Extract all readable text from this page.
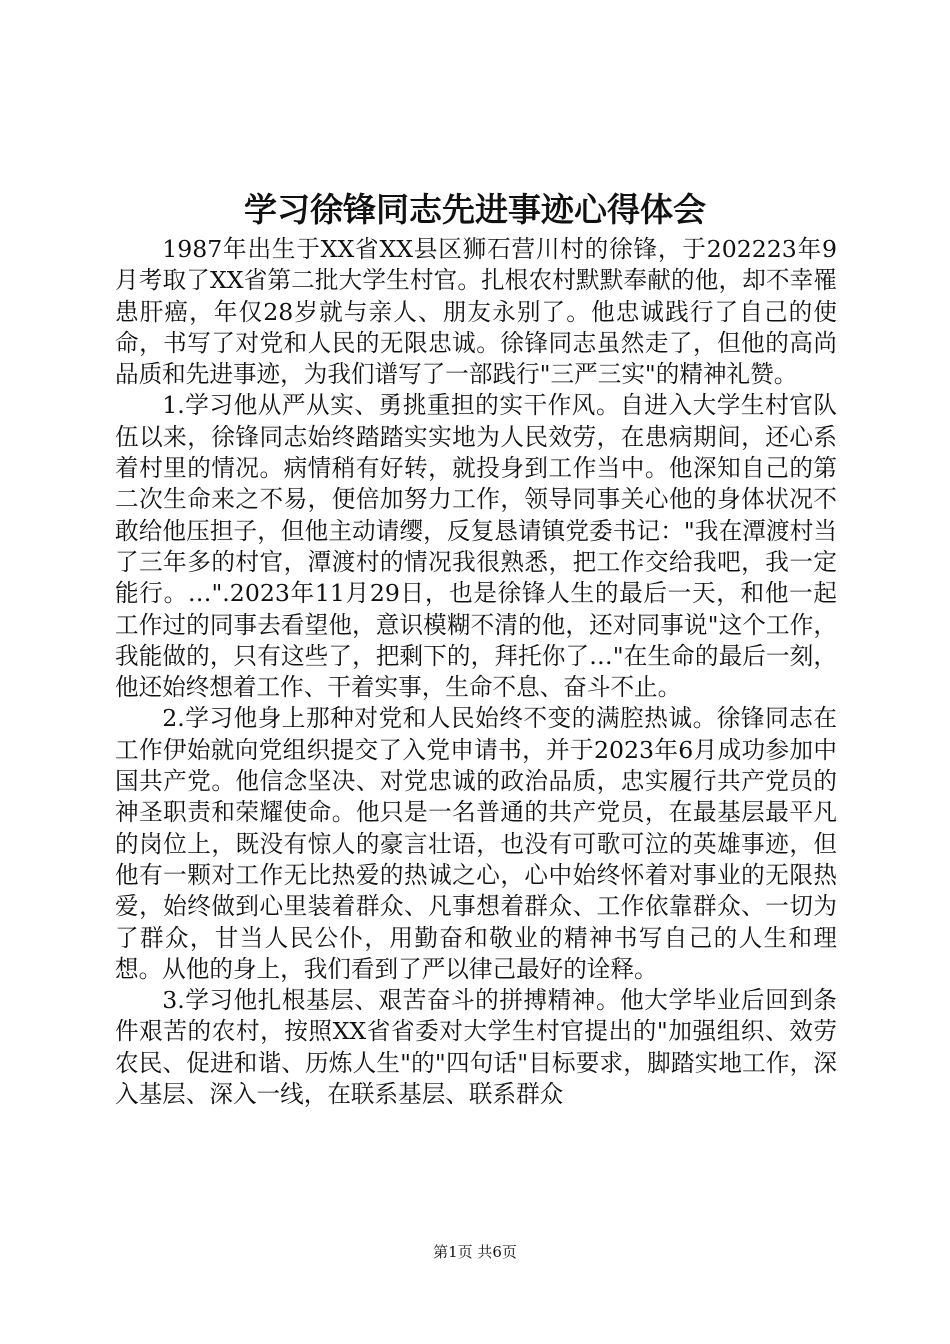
学习徐锋同志先进事迹心得体会

1987年出生于XX省XX县区狮石营川村的徐锋，于202223年9月考取了XX省第二批大学生村官。扎根农村默默奉献的他，却不幸罹患肝癌，年仅28岁就与亲人、朋友永别了。他忠诚践行了自己的使命，书写了对党和人民的无限忠诚。徐锋同志虽然走了，但他的高尚品质和先进事迹，为我们谱写了一部践行"三严三实"的精神礼赞。

1.学习他从严从实、勇挑重担的实干作风。自进入大学生村官队伍以来，徐锋同志始终踏踏实实地为人民效劳，在患病期间，还心系着村里的情况。病情稍有好转，就投身到工作当中。他深知自己的第二次生命来之不易，便倍加努力工作，领导同事关心他的身体状况不敢给他压担子，但他主动请缨，反复恳请镇党委书记："我在潭渡村当了三年多的村官，潭渡村的情况我很熟悉，把工作交给我吧，我一定能行。…".2023年11月29日，也是徐锋人生的最后一天，和他一起工作过的同事去看望他，意识模糊不清的他，还对同事说"这个工作，我能做的，只有这些了，把剩下的，拜托你了…"在生命的最后一刻，他还始终想着工作、干着实事，生命不息、奋斗不止。

2.学习他身上那种对党和人民始终不变的满腔热诚。徐锋同志在工作伊始就向党组织提交了入党申请书，并于2023年6月成功参加中国共产党。他信念坚决、对党忠诚的政治品质，忠实履行共产党员的神圣职责和荣耀使命。他只是一名普通的共产党员，在最基层最平凡的岗位上，既没有惊人的豪言壮语，也没有可歌可泣的英雄事迹，但他有一颗对工作无比热爱的热诚之心，心中始终怀着对事业的无限热爱，始终做到心里装着群众、凡事想着群众、工作依靠群众、一切为了群众，甘当人民公仆，用勤奋和敬业的精神书写自己的人生和理想。从他的身上，我们看到了严以律己最好的诠释。

3.学习他扎根基层、艰苦奋斗的拼搏精神。他大学毕业后回到条件艰苦的农村，按照XX省省委对大学生村官提出的"加强组织、效劳农民、促进和谐、历炼人生"的"四句话"目标要求，脚踏实地工作，深入基层、深入一线，在联系基层、联系群众

第1页 共6页
